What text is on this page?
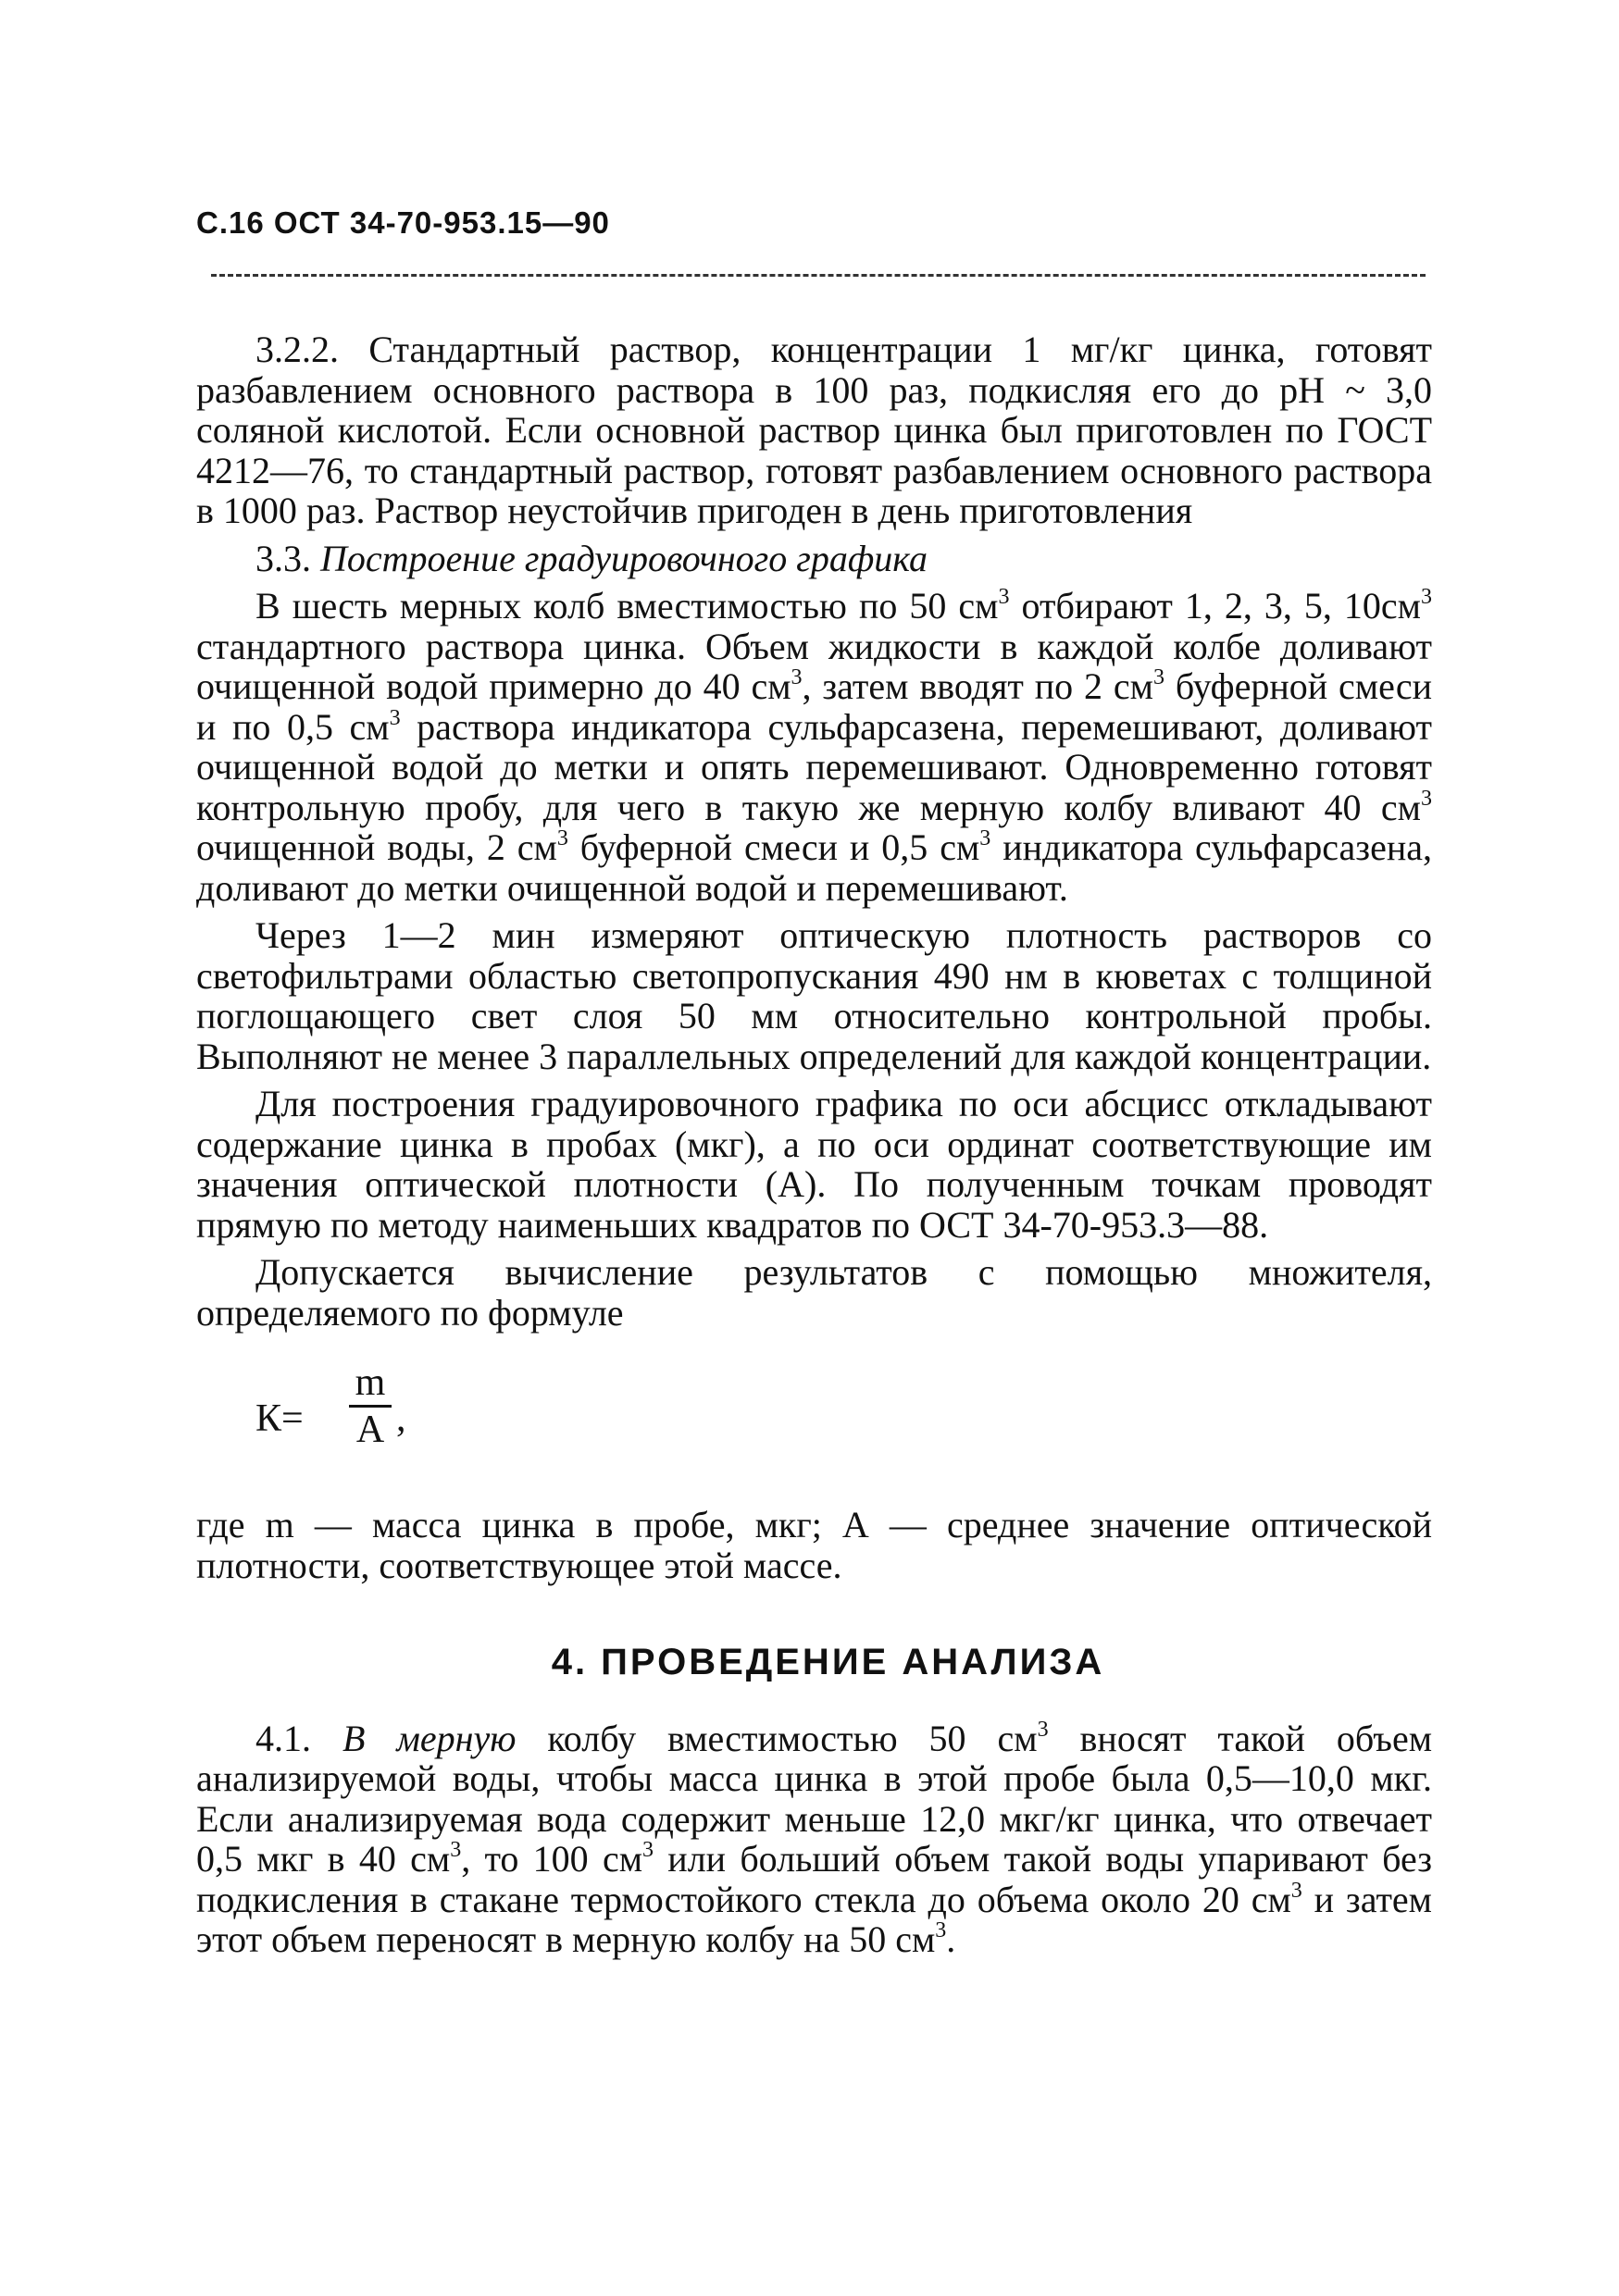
С.16 ОСТ 34-70-953.15—90

3.2.2. Стандартный раствор, концентрации 1 мг/кг цинка, готовят разбавлением основного раствора в 100 раз, подкисляя его до рН ~ 3,0 соляной кислотой. Если основной раствор цинка был приготовлен по ГОСТ 4212—76, то стандартный раствор, готовят разбавлением основного раствора в 1000 раз. Раствор неустойчив пригоден в день приготовления

3.3. Построение градуировочного графика

В шесть мерных колб вместимостью по 50 $см^3$ отбирают 1, 2, 3, 5, $10см^3$ стандартного раствора цинка. Объем жидкости в каждой колбе доливают очищенной водой примерно до 40 $см^3$, затем вводят по 2 $см^3$ буферной смеси и по 0,5 $см^3$ раствора индикатора сульфарсазена, перемешивают, доливают очищенной водой до метки и опять перемешивают. Одновременно готовят контрольную пробу, для чего в такую же мерную колбу вливают 40 $см^3$ очищенной воды, 2 $см^3$ буферной смеси и 0,5 $см^3$ индикатора сульфарсазена, доливают до метки очищенной водой и перемешивают.

Через 1—2 мин измеряют оптическую плотность растворов со светофильтрами областью светопропускания 490 нм в кюветах с толщиной поглощающего свет слоя 50 мм относительно контрольной пробы. Выполняют не менее 3 параллельных определений для каждой концентрации.

Для построения градуировочного графика по оси абсцисс откладывают содержание цинка в пробах (мкг), а по оси ординат соответствующие им значения оптической плотности (А). По полученным точкам проводят прямую по методу наименьших квадратов по ОСТ 34-70-953.3—88.

Допускается вычисление результатов с помощью множителя, определяемого по формуле

К=
m
А ,

где m — масса цинка в пробе, мкг; А — среднее значение оптической плотности, соответствующее этой массе.

4. ПРОВЕДЕНИЕ АНАЛИЗА

4.1. В мерную колбу вместимостью 50 $см^3$ вносят такой объем анализируемой воды, чтобы масса цинка в этой пробе была 0,5—10,0 мкг. Если анализируемая вода содержит меньше 12,0 мкг/кг цинка, что отвечает 0,5 мкг в 40 $см^3$, то 100 $см^3$ или больший объем такой воды упаривают без подкисления в стакане термостойкого стекла до объема около 20 $см^3$ и затем этот объем переносят в мерную колбу на 50 $см^3$.
